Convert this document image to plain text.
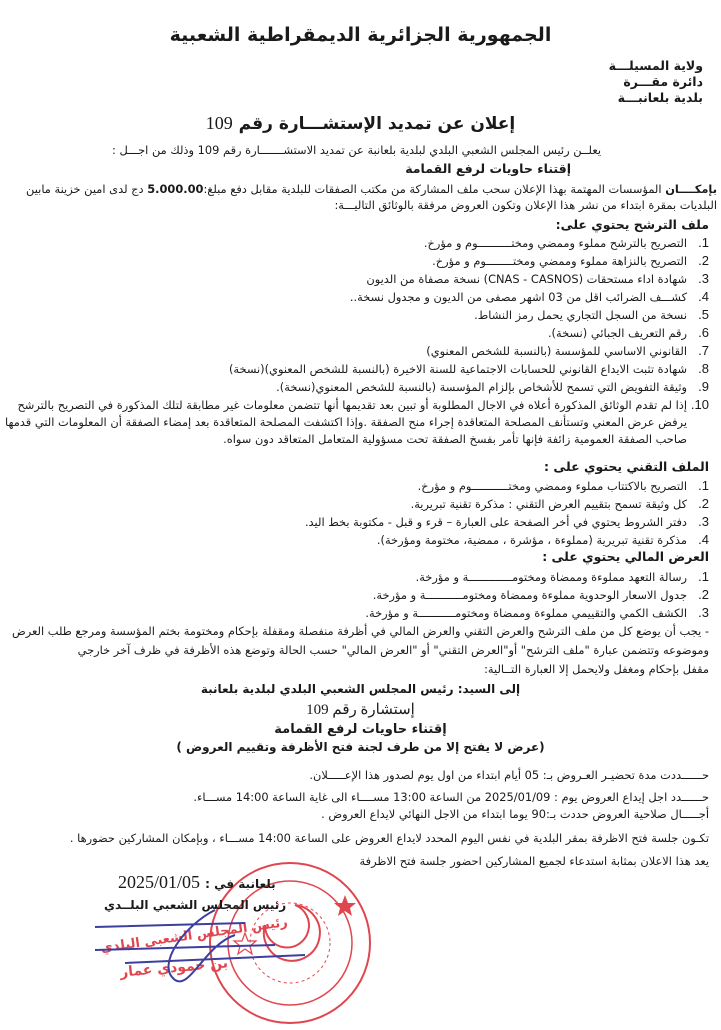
الجمهورية الجزائرية الديمقراطية الشعبية
ولاية المسيلـــة
دائرة مقـــرة
بلدية بلعانبـــة
إعلان عن تمديد الإستشـــارة رقم 109
يعلــن رئيس المجلس الشعبي البلدي لبلدية بلعانبة عن تمديد الاستشـــــــارة رقم 109 وذلك من اجـــل :
إقتناء حاويات لرفع القمامة
بإمكــــان المؤسسات المهتمة بهذا الإعلان سحب ملف المشاركة من مكتب الصفقات للبلدية مقابل دفع مبلغ:5.000.00 دج لدى امين خزينة مابين
البلديات بمقرة ابتداء من نشر هذا الإعلان وتكون العروض مرفقة بالوثائق التاليـــة:
ملف الترشح يحتوي على:
1.التصريح بالترشح مملوء وممضي ومختــــــــــوم و مؤرخ.
2.التصريح بالنزاهة مملوء وممضي ومختــــــــوم و مؤرخ.
3.شهادة اداء مستحقات (CNAS - CASNOS) نسخة مصفاة من الديون
4.كشـــف الضرائب اقل من 03 اشهر مصفى من الديون و مجدول نسخة..
5.نسخة من السجل التجاري يحمل رمز النشاط.
6.رقم التعريف الجبائي (نسخة).
7.القانوني الاساسي للمؤسسة (بالنسبة للشخص المعنوي)
8.شهادة تثبت الايداع القانوني للحسابات الاجتماعية للسنة الاخيرة (بالنسبة للشخص المعنوي)(نسخة)
9.وثيقة التفويض التي تسمح للأشخاص بإلزام المؤسسة (بالنسبة للشخص المعنوي(نسخة).
10.إذا لم تقدم الوثائق المذكورة أعلاه في الاجال المطلوبة أو تبين بعد تقديمها أنها تتضمن معلومات غير مطابقة لتلك المذكورة في التصريح بالترشح
يرفض عرض المعني وتستأنف المصلحة المتعاقدة إجراء منح الصفقة .وإذا اكتشفت المصلحة المتعاقدة بعد إمضاء الصفقة أن المعلومات التي قدمها
صاحب الصفقة العمومية زائفة فإنها تأمر بفسخ الصفقة تحت مسؤولية المتعامل المتعاقد دون سواه.
الملف التقني يحتوي على :
1.التصريح بالاكتتاب مملوء وممضي ومختـــــــــــوم و مؤرخ.
2.كل وثيقة تسمح بتقييم العرض التقني : مذكرة تقنية تبريرية.
3.دفتر الشروط يحتوي في أخر الصفحة على العبارة – قرء و قبل - مكتوبة بخط اليد.
4.مذكرة تقنية تبريرية (مملوءة ، مؤشرة ، ممضية، مختومة ومؤرخة).
العرض المالي يحتوي على :
1.رسالة التعهد مملوءة وممضاة ومختومـــــــــــــة و مؤرخة.
2.جدول الاسعار الوحدوية مملوءة وممضاة ومختومـــــــــــة و مؤرخة.
3.الكشف الكمي والتقييمي مملوءة وممضاة ومختومـــــــــــة و مؤرخة.
- يجب أن يوضع كل من ملف الترشح والعرض التقني والعرض المالي في أظرفة منفصلة ومقفلة بإحكام ومختومة بختم المؤسسة ومرجع طلب العرض
وموضوعه وتتضمن عبارة "ملف الترشح" أو"العرض التقني" أو "العرض المالي" حسب الحالة وتوضع هذه الأظرفة في ظرف آخر خارجي
مقفل بإحكام ومغفل ولايحمل إلا العبارة التــالية:
إلى السيد: رئيس المجلس الشعبي البلدي لبلدية بلعانبة
إستشارة رقم 109
إقتناء حاويات لرفع القمامة
(عرض لا يفتح إلا من طرف لجنة فتح الأظرفة وتقييم العروض )
حــــــددت مدة تحضيـر العـروض بـ: 05 أيام ابتداء من اول يوم لصدور هذا الإعـــــلان.
حــــــدد اجل إيداع العروض يوم : 2025/01/09 من الساعة 13:00 مســــاء الى غاية الساعة 14:00 مســـاء.
أجـــــال صلاحية العروض حددت بـ:90 يوما ابتداء من الاجل النهائي لايداع العروض .
تكـون جلسة فتح الاظرفة بمقر البلدية في نفس اليوم المحدد لايداع العروض على الساعة 14:00 مســـاء ، وبإمكان المشاركين حضورها .
يعد هذا الاعلان بمثابة استدعاء لجميع المشاركين احضور جلسة فتح الاظرفة
بلعانبة في : 2025/01/05
رئيس المجلس الشعبي البلــدي
رئيس المجلس الشعبي البلدي
بن حمودي عمار
